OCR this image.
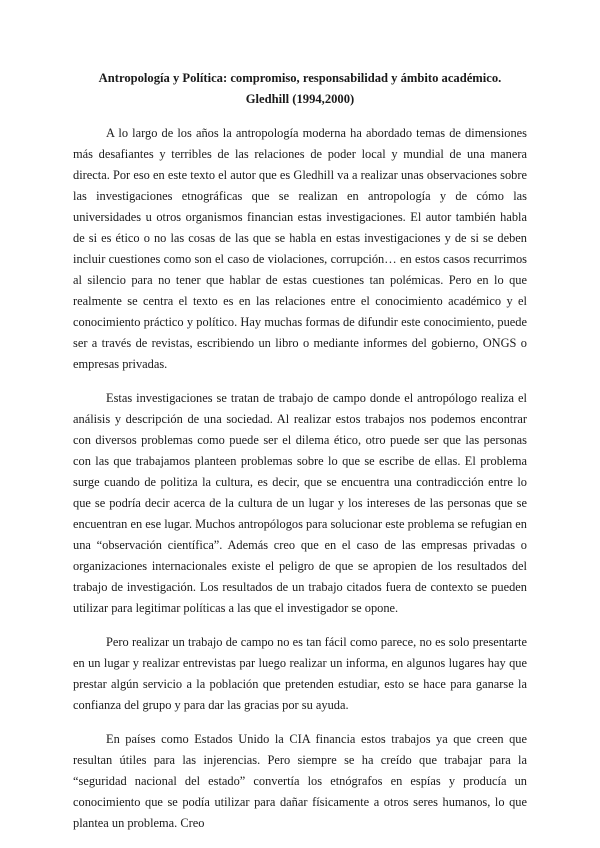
Antropología y Política: compromiso, responsabilidad y ámbito académico. Gledhill (1994,2000)

A lo largo de los años la antropología moderna ha abordado temas de dimensiones más desafiantes y terribles de las relaciones de poder local y mundial de una manera directa. Por eso en este texto el autor que es Gledhill va a realizar unas observaciones sobre las investigaciones etnográficas que se realizan en antropología y de cómo las universidades u otros organismos financian estas investigaciones. El autor también habla de si es ético o no las cosas de las que se habla en estas investigaciones y de si se deben incluir cuestiones como son el caso de violaciones, corrupción… en estos casos recurrimos al silencio para no tener que hablar de estas cuestiones tan polémicas. Pero en lo que realmente se centra el texto es en las relaciones entre el conocimiento académico y el conocimiento práctico y político. Hay muchas formas de difundir este conocimiento, puede ser a través de revistas, escribiendo un libro o mediante informes del gobierno, ONGS o empresas privadas.

Estas investigaciones se tratan de trabajo de campo donde el antropólogo realiza el análisis y descripción de una sociedad. Al realizar estos trabajos nos podemos encontrar con diversos problemas como puede ser el dilema ético, otro puede ser que las personas con las que trabajamos planteen problemas sobre lo que se escribe de ellas. El problema surge cuando de politiza la cultura, es decir, que se encuentra una contradicción entre lo que se podría decir acerca de la cultura de un lugar y los intereses de las personas que se encuentran en ese lugar. Muchos antropólogos para solucionar este problema se refugian en una “observación científica”. Además creo que en el caso de las empresas privadas o organizaciones internacionales existe el peligro de que se apropien de los resultados del trabajo de investigación. Los resultados de un trabajo citados fuera de contexto se pueden utilizar para legitimar políticas a las que el investigador se opone.

Pero realizar un trabajo de campo no es tan fácil como parece, no es solo presentarte en un lugar y realizar entrevistas par luego realizar un informa, en algunos lugares hay que prestar algún servicio a la población que pretenden estudiar, esto se hace para ganarse la confianza del grupo y para dar las gracias por su ayuda.

En países como Estados Unido la CIA financia estos trabajos ya que creen que resultan útiles para las injerencias. Pero siempre se ha creído que trabajar para la “seguridad nacional del estado” convertía los etnógrafos en espías y producía un conocimiento que se podía utilizar para dañar físicamente a otros seres humanos, lo que plantea un problema. Creo
